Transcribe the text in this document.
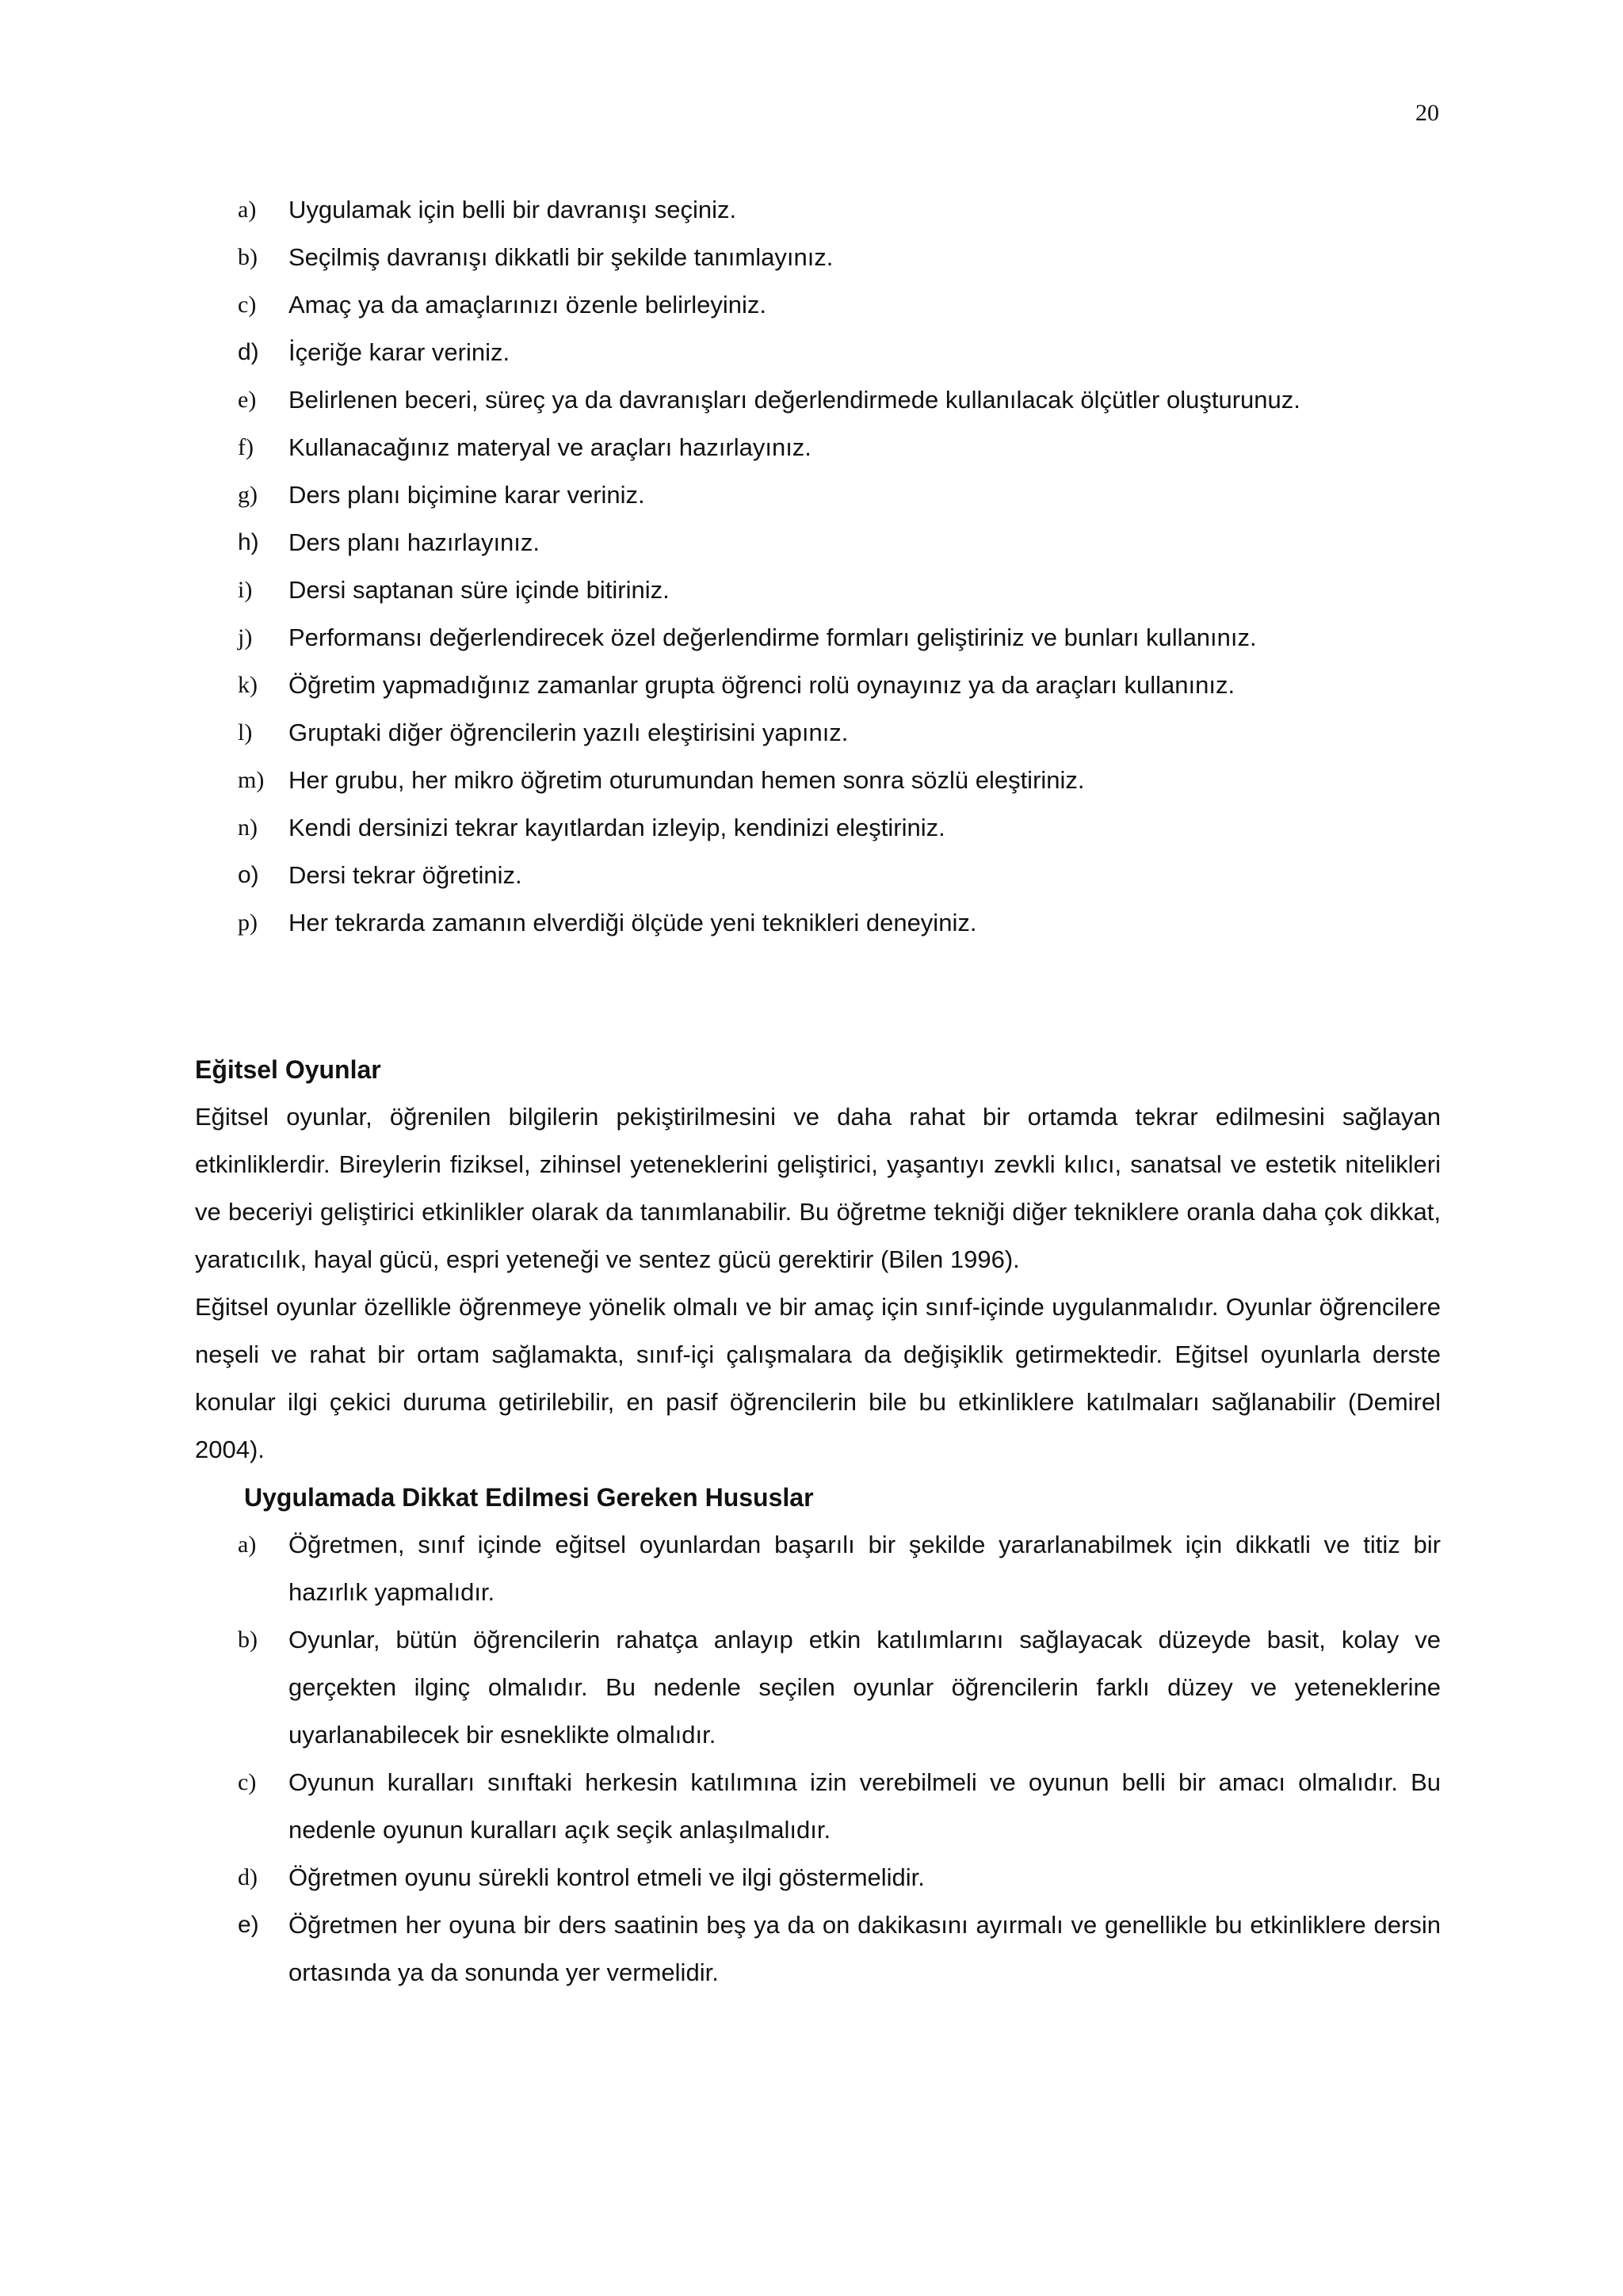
20
a) Uygulamak için belli bir davranışı seçiniz.
b) Seçilmiş davranışı dikkatli bir şekilde tanımlayınız.
c) Amaç ya da amaçlarınızı özenle belirleyiniz.
d) İçeriğe karar veriniz.
e) Belirlenen beceri, süreç ya da davranışları değerlendirmede kullanılacak ölçütler oluşturunuz.
f) Kullanacağınız materyal ve araçları hazırlayınız.
g) Ders planı biçimine karar veriniz.
h) Ders planı hazırlayınız.
i) Dersi saptanan süre içinde bitiriniz.
j) Performansı değerlendirecek özel değerlendirme formları geliştiriniz ve bunları kullanınız.
k) Öğretim yapmadığınız zamanlar grupta öğrenci rolü oynayınız ya da araçları kullanınız.
l) Gruptaki diğer öğrencilerin yazılı eleştirisini yapınız.
m) Her grubu, her mikro öğretim oturumundan hemen sonra sözlü eleştiriniz.
n) Kendi dersinizi tekrar kayıtlardan izleyip, kendinizi eleştiriniz.
o) Dersi tekrar öğretiniz.
p) Her tekrarda zamanın elverdiği ölçüde yeni teknikleri deneyiniz.
Eğitsel Oyunlar

Eğitsel oyunlar, öğrenilen bilgilerin pekiştirilmesini ve daha rahat bir ortamda tekrar edilmesini sağlayan etkinliklerdir. Bireylerin fiziksel, zihinsel yeteneklerini geliştirici, yaşantıyı zevkli kılıcı, sanatsal ve estetik nitelikleri ve beceriyi geliştirici etkinlikler olarak da tanımlanabilir. Bu öğretme tekniği diğer tekniklere oranla daha çok dikkat, yaratıcılık, hayal gücü, espri yeteneği ve sentez gücü gerektirir (Bilen 1996).

Eğitsel oyunlar özellikle öğrenmeye yönelik olmalı ve bir amaç için sınıf-içinde uygulanmalıdır. Oyunlar öğrencilere neşeli ve rahat bir ortam sağlamakta, sınıf-içi çalışmalara da değişiklik getirmektedir. Eğitsel oyunlarla derste konular ilgi çekici duruma getirilebilir, en pasif öğrencilerin bile bu etkinliklere katılmaları sağlanabilir (Demirel 2004).

Uygulamada Dikkat Edilmesi Gereken Hususlar
a) Öğretmen, sınıf içinde eğitsel oyunlardan başarılı bir şekilde yararlanabilmek için dikkatli ve titiz bir hazırlık yapmalıdır.
b) Oyunlar, bütün öğrencilerin rahatça anlayıp etkin katılımlarını sağlayacak düzeyde basit, kolay ve gerçekten ilginç olmalıdır. Bu nedenle seçilen oyunlar öğrencilerin farklı düzey ve yeteneklerine uyarlanabilecek bir esneklikte olmalıdır.
c) Oyunun kuralları sınıftaki herkesin katılımına izin verebilmeli ve oyunun belli bir amacı olmalıdır. Bu nedenle oyunun kuralları açık seçik anlaşılmalıdır.
d) Öğretmen oyunu sürekli kontrol etmeli ve ilgi göstermelidir.
e) Öğretmen her oyuna bir ders saatinin beş ya da on dakikasını ayırmalı ve genellikle bu etkinliklere dersin ortasında ya da sonunda yer vermelidir.
